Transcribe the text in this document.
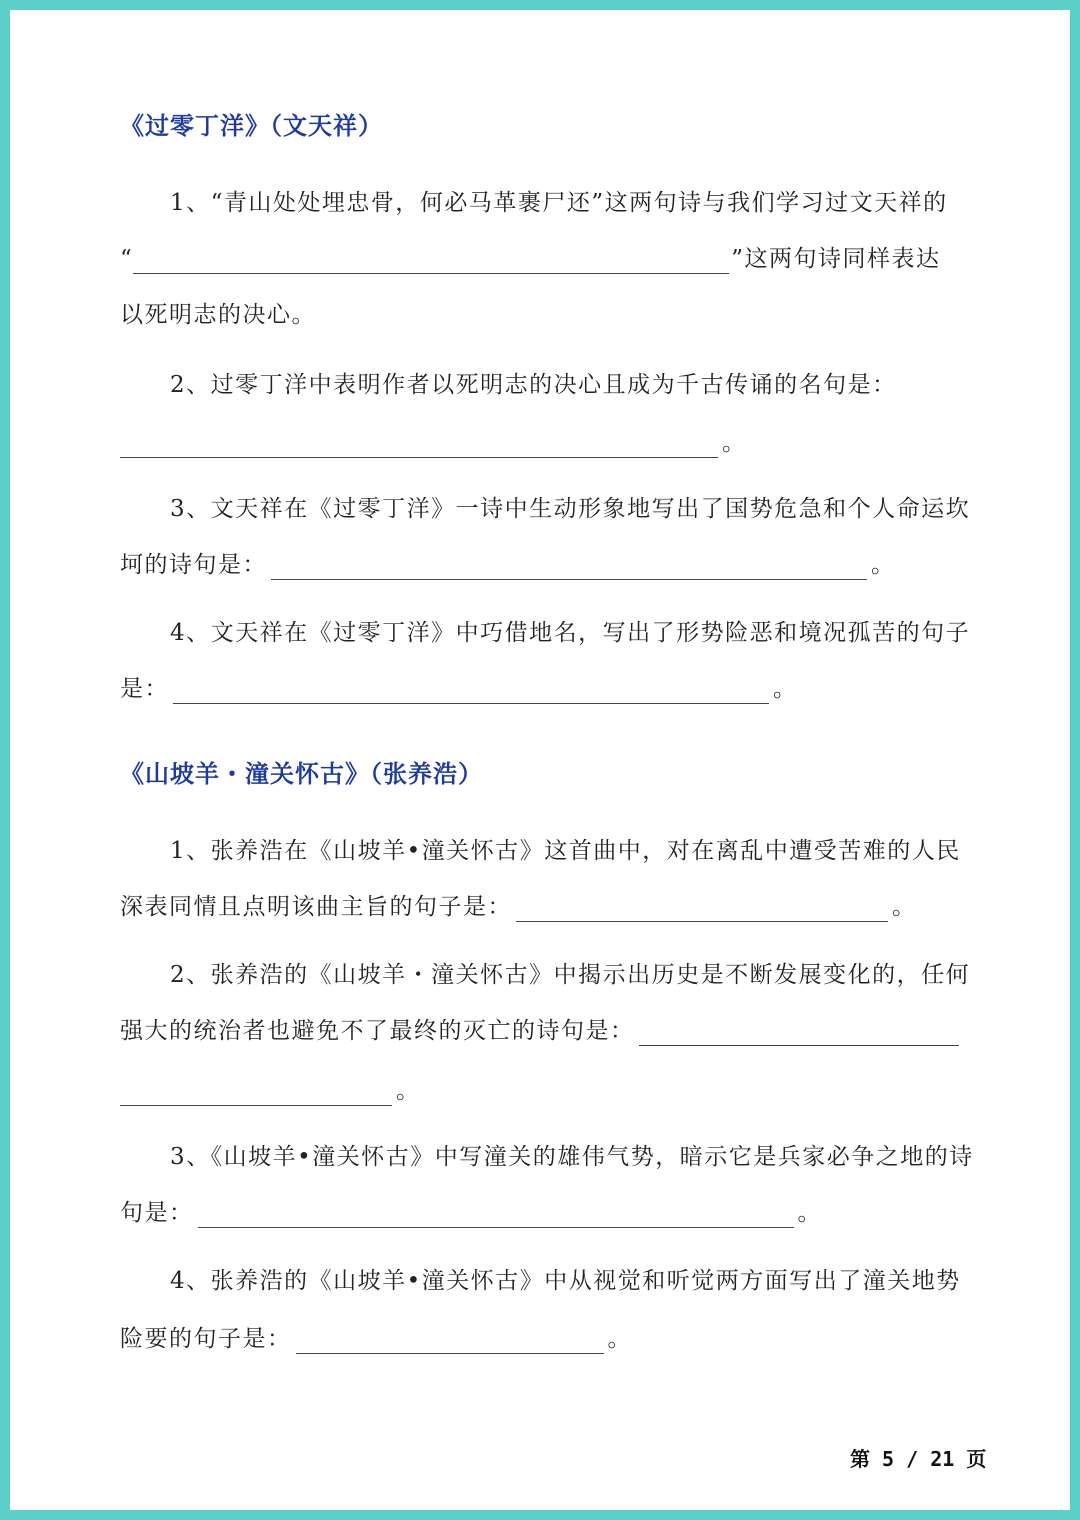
《过零丁洋》（文天祥）
1、“青山处处埋忠骨，何必马革裹尸还”这两句诗与我们学习过文天祥的
“	”这两句诗同样表达
以死明志的决心。
2、过零丁洋中表明作者以死明志的决心且成为千古传诵的名句是：
。
3、文天祥在《过零丁洋》一诗中生动形象地写出了国势危急和个人命运坎
坷的诗句是：	。
4、文天祥在《过零丁洋》中巧借地名，写出了形势险恶和境况孤苦的句子
是：	。
《山坡羊・潼关怀古》（张养浩）
1、张养浩在《山坡羊•潼关怀古》这首曲中，对在离乱中遭受苦难的人民
深表同情且点明该曲主旨的句子是：	。
2、张养浩的《山坡羊・潼关怀古》中揭示出历史是不断发展变化的，任何
强大的统治者也避免不了最终的灭亡的诗句是：
。
3、《山坡羊•潼关怀古》中写潼关的雄伟气势，暗示它是兵家必争之地的诗
句是：	。
4、张养浩的《山坡羊•潼关怀古》中从视觉和听觉两方面写出了潼关地势
险要的句子是：	。
第 5 / 21 页
